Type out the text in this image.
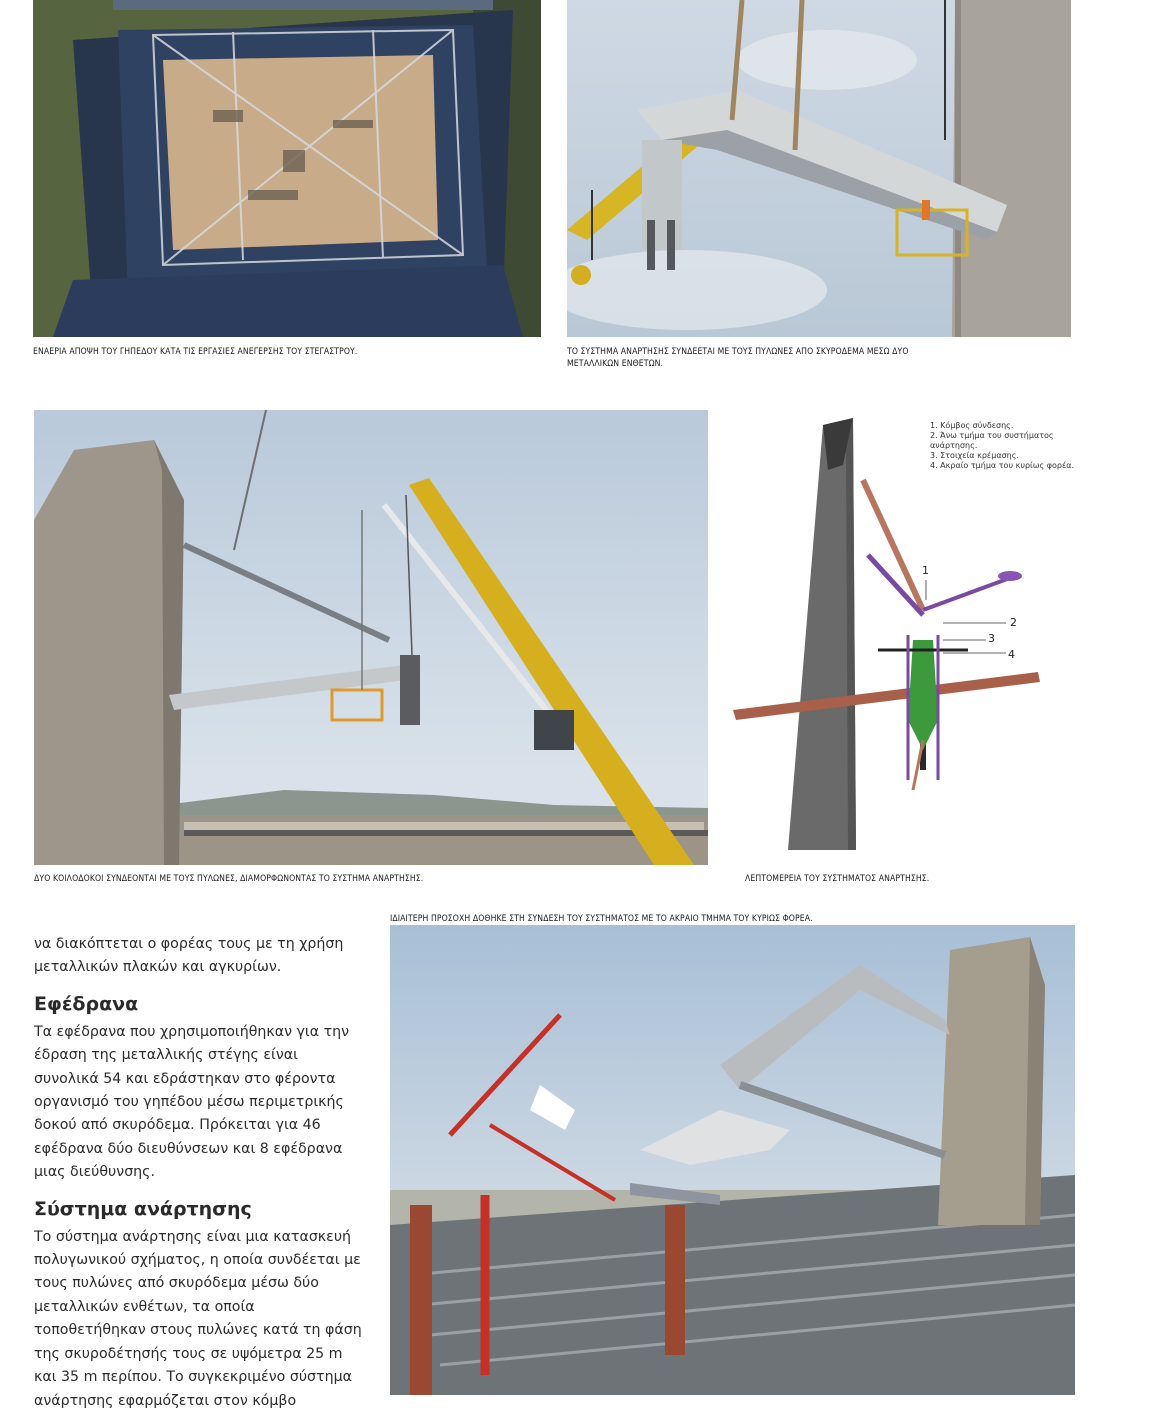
ΕΝΑΕΡΙΑ ΑΠΟΨΗ ΤΟΥ ΓΗΠΕΔΟΥ ΚΑΤΑ ΤΙΣ ΕΡΓΑΣΙΕΣ ΑΝΕΓΕΡΣΗΣ ΤΟΥ ΣΤΕΓΑΣΤΡΟΥ.	ΤΟ ΣΥΣΤΗΜΑ ΑΝΑΡΤΗΣΗΣ ΣΥΝΔΕΕΤΑΙ ΜΕ ΤΟΥΣ ΠΥΛΩΝΕΣ ΑΠΟ ΣΚΥΡΟΔΕΜΑ ΜΕΣΩ ΔΥΟ
ΜΕΤΑΛΛΙΚΩΝ ΕΝΘΕΤΩΝ.
ΔΥΟ ΚΟΙΛΟΔΟΚΟΙ ΣΥΝΔΕΟΝΤΑΙ ΜΕ ΤΟΥΣ ΠΥΛΩΝΕΣ, ΔΙΑΜΟΡΦΩΝΟΝΤΑΣ ΤΟ ΣΥΣΤΗΜΑ ΑΝΑΡΤΗΣΗΣ.
1
2
3
4
1. Κόμβος σύνδεσης.
2. Άνω τμήμα του συστήματος ανάρτησης.
3. Στοιχεία κρέμασης.
4. Ακραίο τμήμα του κυρίως φορέα.
ΛΕΠΤΟΜΕΡΕΙΑ ΤΟΥ ΣΥΣΤΗΜΑΤΟΣ ΑΝΑΡΤΗΣΗΣ.
ΙΔΙΑΙΤΕΡΗ ΠΡΟΣΟΧΗ ΔΟΘΗΚΕ ΣΤΗ ΣΥΝΔΕΣΗ ΤΟΥ ΣΥΣΤΗΜΑΤΟΣ ΜΕ ΤΟ ΑΚΡΑΙΟ ΤΜΗΜΑ ΤΟΥ ΚΥΡΙΩΣ ΦΟΡΕΑ.

να διακόπτεται ο φορέας τους με τη χρήση μεταλλικών πλακών και αγκυρίων.

Εφέδρανα

Τα εφέδρανα που χρησιμοποιήθηκαν για την έδραση της μεταλλικής στέγης είναι συνολικά 54 και εδράστηκαν στο φέροντα οργανισμό του γηπέδου μέσω περιμετρικής δοκού από σκυρόδεμα. Πρόκειται για 46 εφέδρανα δύο διευθύνσεων και 8 εφέδρανα μιας διεύθυνσης.

Σύστημα ανάρτησης

Το σύστημα ανάρτησης είναι μια κατασκευή πολυγωνικού σχήματος, η οποία συνδέεται με τους πυλώνες από σκυρόδεμα μέσω δύο μεταλλικών ενθέτων, τα οποία τοποθετήθηκαν στους πυλώνες κατά τη φάση της σκυροδέτησής τους σε υψόμετρα 25 m και 35 m περίπου. Το συγκεκριμένο σύστημα ανάρτησης εφαρμόζεται στον κόμβο
